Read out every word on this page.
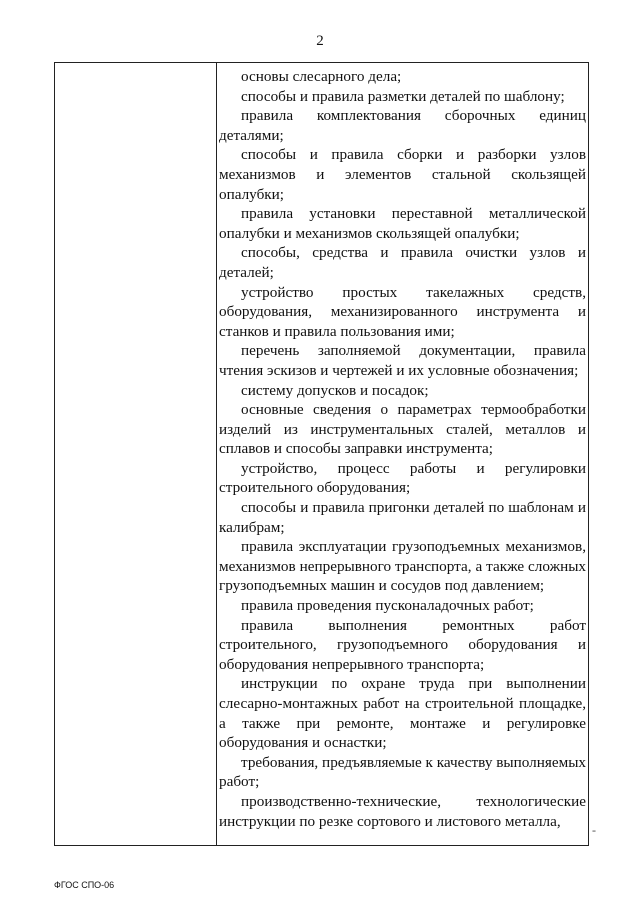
2

основы слесарного дела;

способы и правила разметки деталей по шаблону;

правила комплектования сборочных единиц деталями;

способы и правила сборки и разборки узлов механизмов и элементов стальной скользящей опалубки;

правила установки переставной металлической опалубки и механизмов скользящей опалубки;

способы, средства и правила очистки узлов и деталей;

устройство простых такелажных средств, оборудования, механизированного инструмента и станков и правила пользования ими;

перечень заполняемой документации, правила чтения эскизов и чертежей и их условные обозначения;

систему допусков и посадок;

основные сведения о параметрах термообработки изделий из инструментальных сталей, металлов и сплавов и способы заправки инструмента;

устройство, процесс работы и регулировки строительного оборудования;

способы и правила пригонки деталей по шаблонам и калибрам;

правила эксплуатации грузоподъемных механизмов, механизмов непрерывного транспорта, а также сложных грузоподъемных машин и сосудов под давлением;

правила проведения пусконаладочных работ;

правила выполнения ремонтных работ строительного, грузоподъемного оборудования и оборудования непрерывного транспорта;

инструкции по охране труда при выполнении слесарно-монтажных работ на строительной площадке, а также при ремонте, монтаже и регулировке оборудования и оснастки;

требования, предъявляемые к качеству выполняемых работ;

производственно-технические, технологические инструкции по резке сортового и листового металла,

-
ФГОС СПО-06
